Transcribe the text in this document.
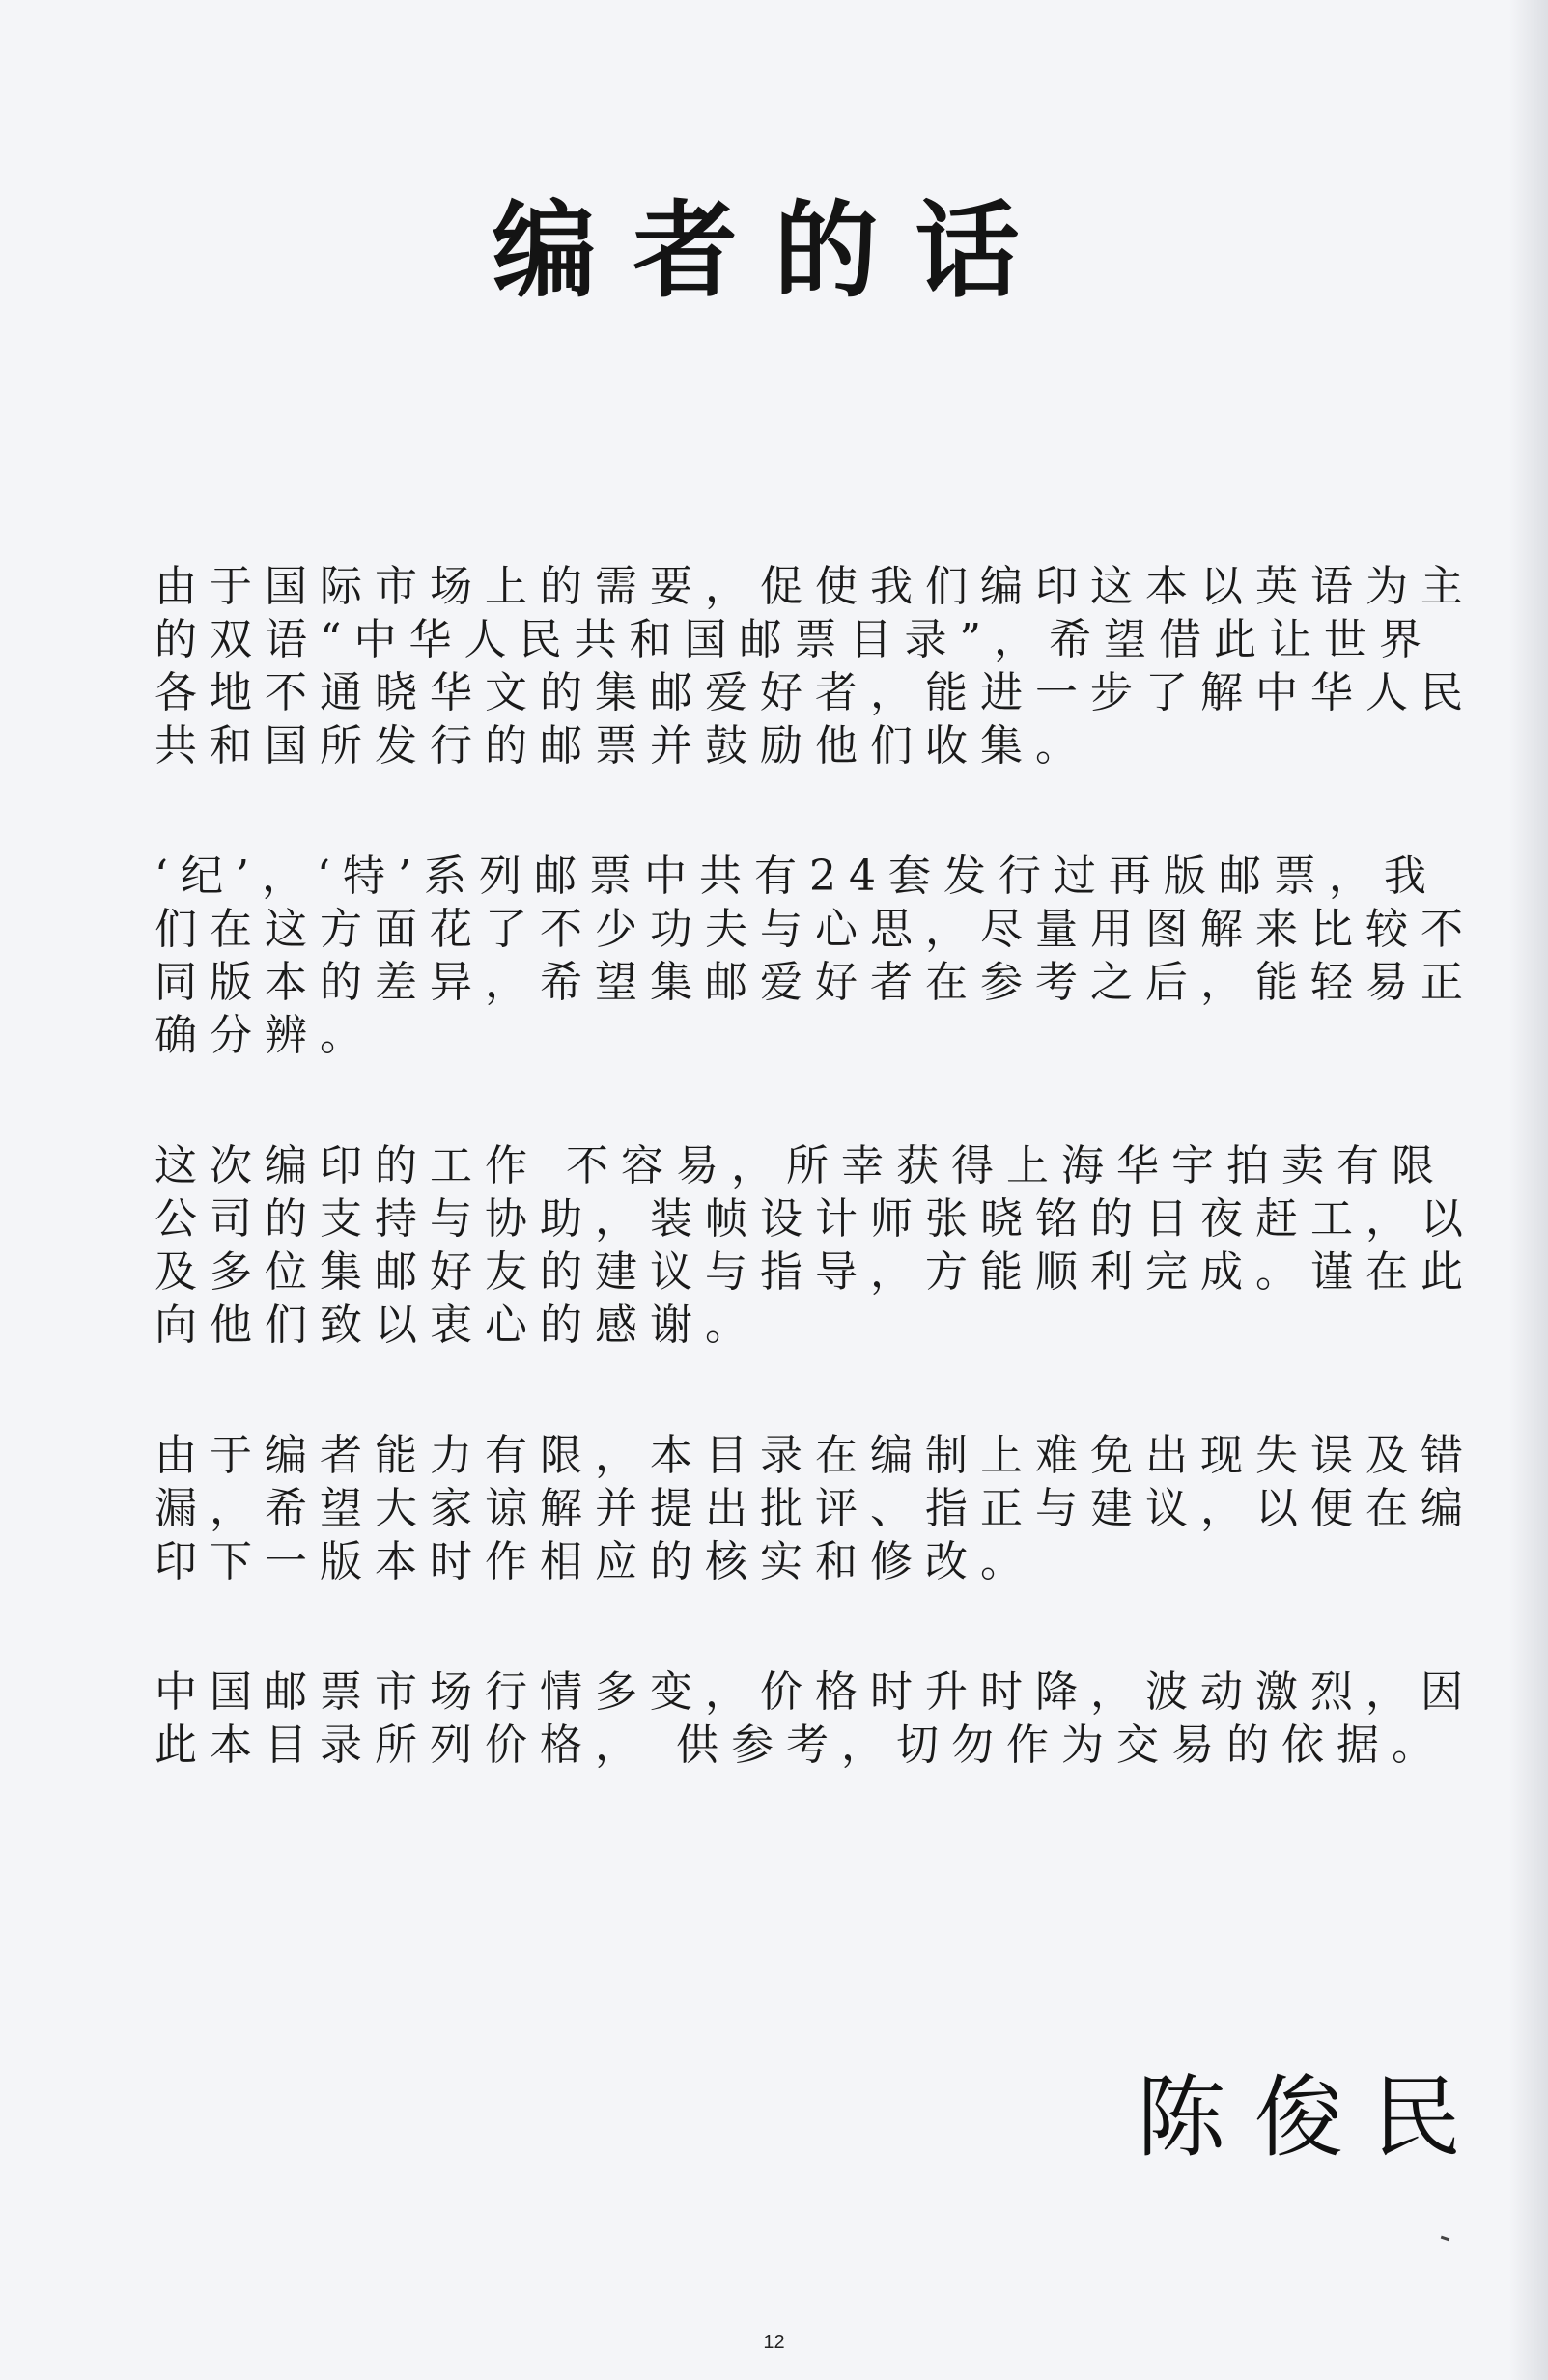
编者的话

由于国际市场上的需要，促使我们编印这本以英语为主的双语“中华人民共和国邮票目录”，希望借此让世界各地不通晓华文的集邮爱好者，能进一步了解中华人民共和国所发行的邮票并鼓励他们收集。

‘纪’，‘特’系列邮票中共有24套发行过再版邮票，我们在这方面花了不少功夫与心思，尽量用图解来比较不同版本的差异，希望集邮爱好者在参考之后，能轻易正确分辨。

这次编印的工作 不容易，所幸获得上海华宇拍卖有限公司的支持与协助，装帧设计师张晓铭的日夜赶工，以及多位集邮好友的建议与指导，方能顺利完成。谨在此向他们致以衷心的感谢。

由于编者能力有限，本目录在编制上难免出现失误及错漏，希望大家谅解并提出批评、指正与建议，以便在编印下一版本时作相应的核实和修改。

中国邮票市场行情多变，价格时升时降，波动激烈，因此本目录所列价格， 供参考，切勿作为交易的依据。

陈俊民
12
